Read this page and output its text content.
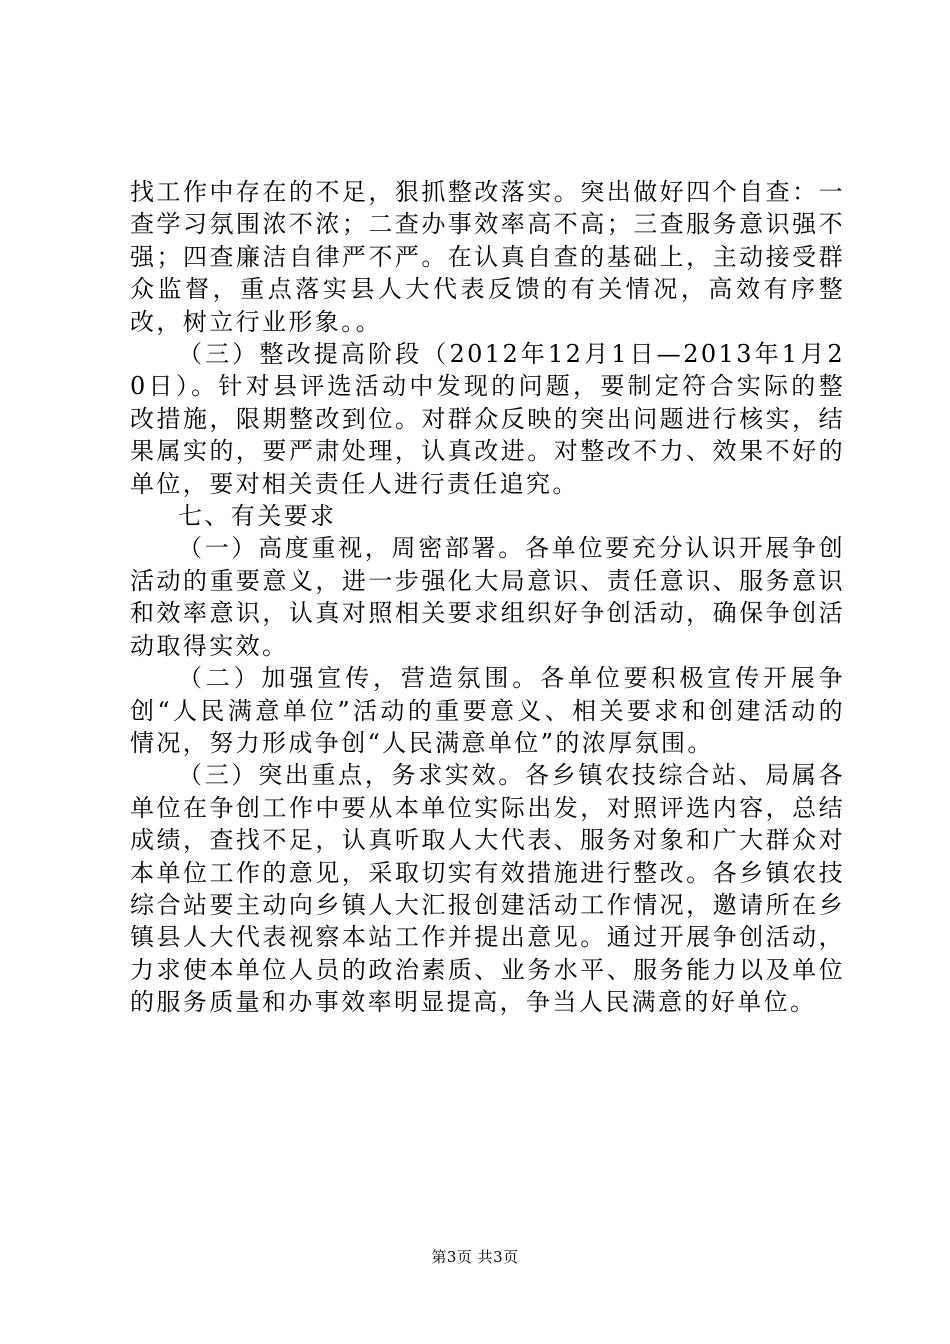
找工作中存在的不足，狠抓整改落实。突出做好四个自查：一查学习氛围浓不浓；二查办事效率高不高；三查服务意识强不强；四查廉洁自律严不严。在认真自查的基础上，主动接受群众监督，重点落实县人大代表反馈的有关情况，高效有序整改，树立行业形象。。

（三）整改提高阶段（2012年12月1日—2013年1月20日）。针对县评选活动中发现的问题，要制定符合实际的整改措施，限期整改到位。对群众反映的突出问题进行核实，结果属实的，要严肃处理，认真改进。对整改不力、效果不好的单位，要对相关责任人进行责任追究。

七、有关要求

（一）高度重视，周密部署。各单位要充分认识开展争创活动的重要意义，进一步强化大局意识、责任意识、服务意识和效率意识，认真对照相关要求组织好争创活动，确保争创活动取得实效。

（二）加强宣传，营造氛围。各单位要积极宣传开展争创“人民满意单位”活动的重要意义、相关要求和创建活动的情况，努力形成争创“人民满意单位”的浓厚氛围。

（三）突出重点，务求实效。各乡镇农技综合站、局属各单位在争创工作中要从本单位实际出发，对照评选内容，总结成绩，查找不足，认真听取人大代表、服务对象和广大群众对本单位工作的意见，采取切实有效措施进行整改。各乡镇农技综合站要主动向乡镇人大汇报创建活动工作情况，邀请所在乡镇县人大代表视察本站工作并提出意见。通过开展争创活动，力求使本单位人员的政治素质、业务水平、服务能力以及单位的服务质量和办事效率明显提高，争当人民满意的好单位。

第3页 共3页
